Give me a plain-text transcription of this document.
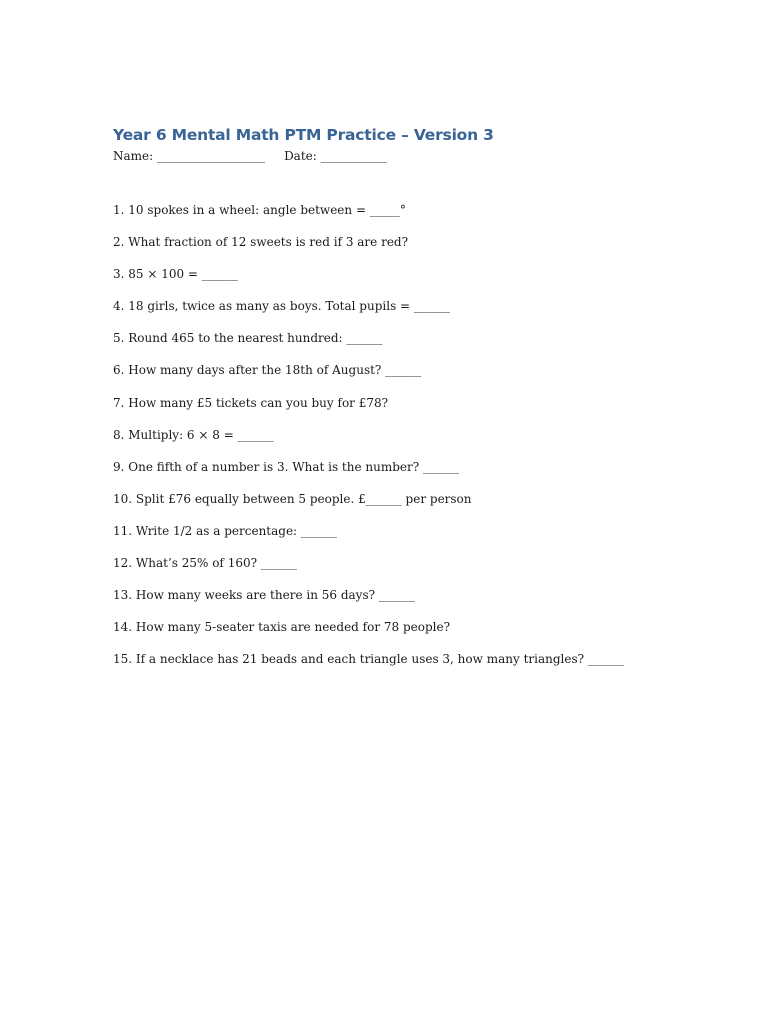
Year 6 Mental Math PTM Practice – Version 3
Name: __________________     Date: ___________
1. 10 spokes in a wheel: angle between = _____°
2. What fraction of 12 sweets is red if 3 are red?
3. 85 × 100 = ______
4. 18 girls, twice as many as boys. Total pupils = ______
5. Round 465 to the nearest hundred: ______
6. How many days after the 18th of August? ______
7. How many £5 tickets can you buy for £78?
8. Multiply: 6 × 8 = ______
9. One fifth of a number is 3. What is the number? ______
10. Split £76 equally between 5 people. £______ per person
11. Write 1/2 as a percentage: ______
12. What’s 25% of 160? ______
13. How many weeks are there in 56 days? ______
14. How many 5-seater taxis are needed for 78 people?
15. If a necklace has 21 beads and each triangle uses 3, how many triangles? ______
